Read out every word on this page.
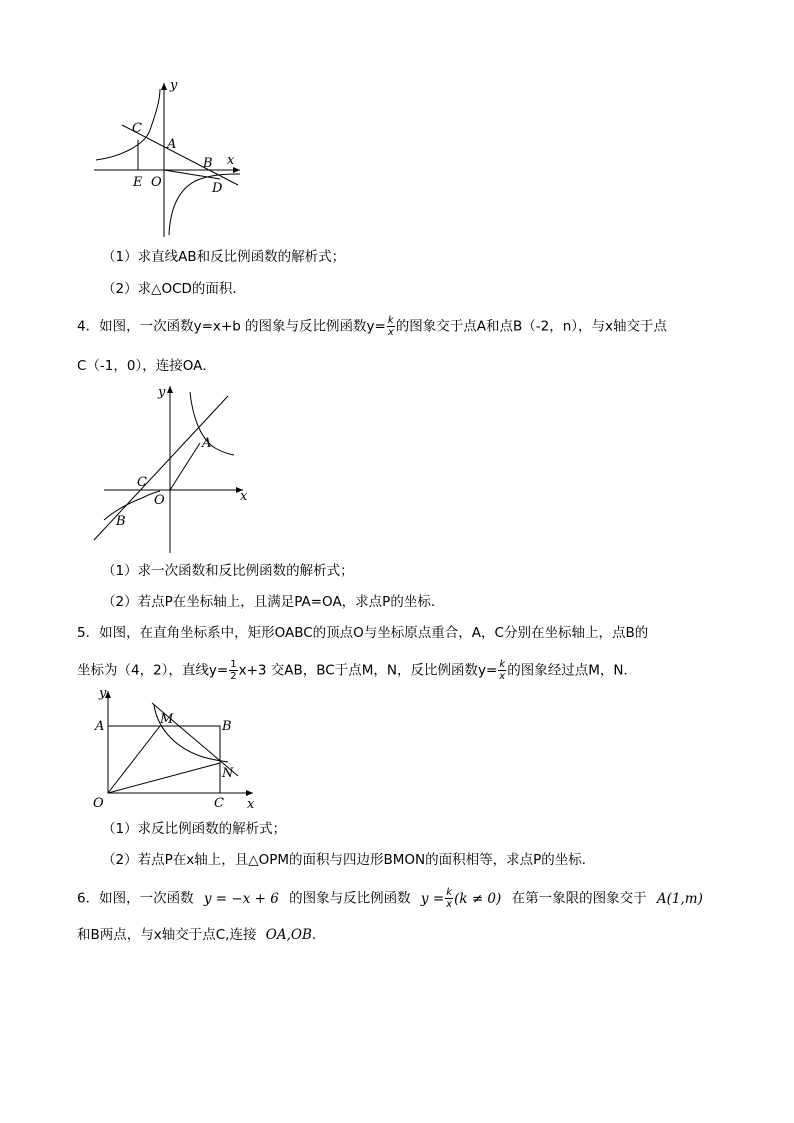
y
x
C
A
B
E O	D
（1）求直线AB和反比例函数的解析式；
（2）求△OCD的面积．
4．如图，一次函数y=x+b 的图象与反比例函数$y= \frac{k}{x}$ 的图象交于点A和点B（-2，n），与x轴交于点
C（-1，0），连接OA．
y
x
A
C
O
B
（1）求一次函数和反比例函数的解析式；
（2）若点P在坐标轴上，且满足PA=OA，求点P的坐标．
5．如图，在直角坐标系中，矩形OABC的顶点O与坐标原点重合，A，C分别在坐标轴上，点B的
坐标为（4，2），直线$y= \frac{1}{2} x+3$ 交AB，BC于点M，N，反比例函数$y= \frac{k}{x}$ 的图象经过点M，N．
y
A	M	B
N
O	C x
（1）求反比例函数的解析式；
（2）若点P在x轴上，且△OPM的面积与四边形BMON的面积相等，求点P的坐标．
6．如图，一次函数 y = −x + 6 的图象与反比例函数 $y = \frac{k}{x} (k \ne 0)$ 在第一象限的图象交于 A(1,m)
和B两点，与x轴交于点C,连接 OA,OB.
